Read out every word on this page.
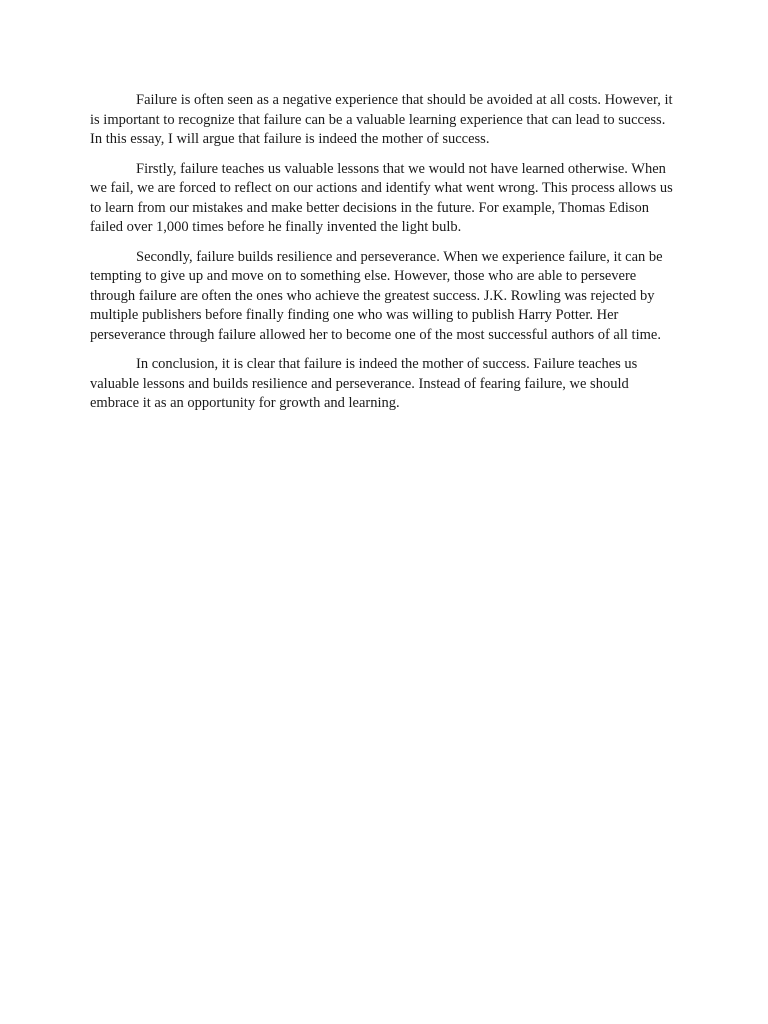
Failure is often seen as a negative experience that should be avoided at all costs. However, it is important to recognize that failure can be a valuable learning experience that can lead to success. In this essay, I will argue that failure is indeed the mother of success.

Firstly, failure teaches us valuable lessons that we would not have learned otherwise. When we fail, we are forced to reflect on our actions and identify what went wrong. This process allows us to learn from our mistakes and make better decisions in the future. For example, Thomas Edison failed over 1,000 times before he finally invented the light bulb.

Secondly, failure builds resilience and perseverance. When we experience failure, it can be tempting to give up and move on to something else. However, those who are able to persevere through failure are often the ones who achieve the greatest success. J.K. Rowling was rejected by multiple publishers before finally finding one who was willing to publish Harry Potter. Her perseverance through failure allowed her to become one of the most successful authors of all time.

In conclusion, it is clear that failure is indeed the mother of success. Failure teaches us valuable lessons and builds resilience and perseverance. Instead of fearing failure, we should embrace it as an opportunity for growth and learning.
